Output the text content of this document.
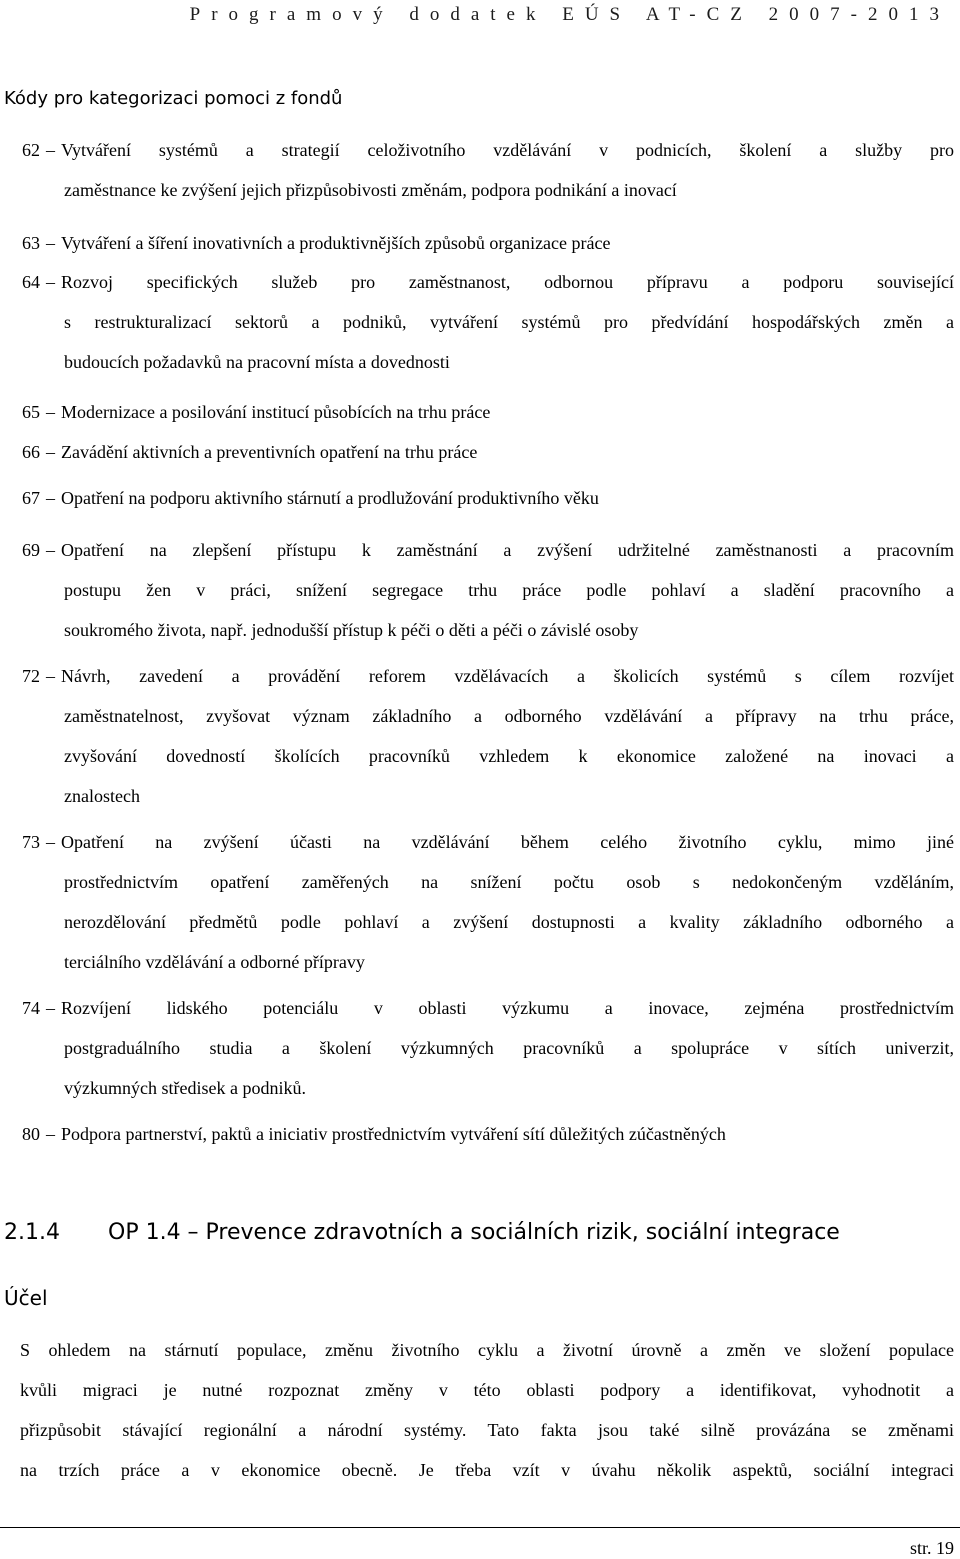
Programový dodatek EÚS AT-CZ 2007-2013
Kódy pro kategorizaci pomoci z fondů
62 – Vytváření systémů a strategií celoživotního vzdělávání v podnicích, školení a služby pro
zaměstnance ke zvýšení jejich přizpůsobivosti změnám, podpora podnikání a inovací
63 – Vytváření a šíření inovativních a produktivnějších způsobů organizace práce
64 – Rozvoj specifických služeb pro zaměstnanost, odbornou přípravu a podporu související
s restrukturalizací sektorů a podniků, vytváření systémů pro předvídání hospodářských změn a
budoucích požadavků na pracovní místa a dovednosti
65 – Modernizace a posilování institucí působících na trhu práce
66 – Zavádění aktivních a preventivních opatření na trhu práce
67 – Opatření na podporu aktivního stárnutí a prodlužování produktivního věku
69 – Opatření na zlepšení přístupu k zaměstnání a zvýšení udržitelné zaměstnanosti a pracovním
postupu žen v práci, snížení segregace trhu práce podle pohlaví a sladění pracovního a
soukromého života, např. jednodušší přístup k péči o děti a péči o závislé osoby
72 – Návrh, zavedení a provádění reforem vzdělávacích a školicích systémů s cílem rozvíjet
zaměstnatelnost, zvyšovat význam základního a odborného vzdělávání a přípravy na trhu práce,
zvyšování dovedností školících pracovníků vzhledem k ekonomice založené na inovaci a
znalostech
73 – Opatření na zvýšení účasti na vzdělávání během celého životního cyklu, mimo jiné
prostřednictvím opatření zaměřených na snížení počtu osob s nedokončeným vzděláním,
nerozdělování předmětů podle pohlaví a zvýšení dostupnosti a kvality základního odborného a
terciálního vzdělávání a odborné přípravy
74 – Rozvíjení lidského potenciálu v oblasti výzkumu a inovace, zejména prostřednictvím
postgraduálního studia a školení výzkumných pracovníků a spolupráce v sítích univerzit,
výzkumných středisek a podniků.
80 – Podpora partnerství, paktů a iniciativ prostřednictvím vytváření sítí důležitých zúčastněných
2.1.4 OP 1.4 – Prevence zdravotních a sociálních rizik, sociální integrace
Účel
S ohledem na stárnutí populace, změnu životního cyklu a životní úrovně a změn ve složení populace
kvůli migraci je nutné rozpoznat změny v této oblasti podpory a identifikovat, vyhodnotit a
přizpůsobit stávající regionální a národní systémy. Tato fakta jsou také silně provázána se změnami
na trzích práce a v ekonomice obecně. Je třeba vzít v úvahu několik aspektů, sociální integraci
str. 19
